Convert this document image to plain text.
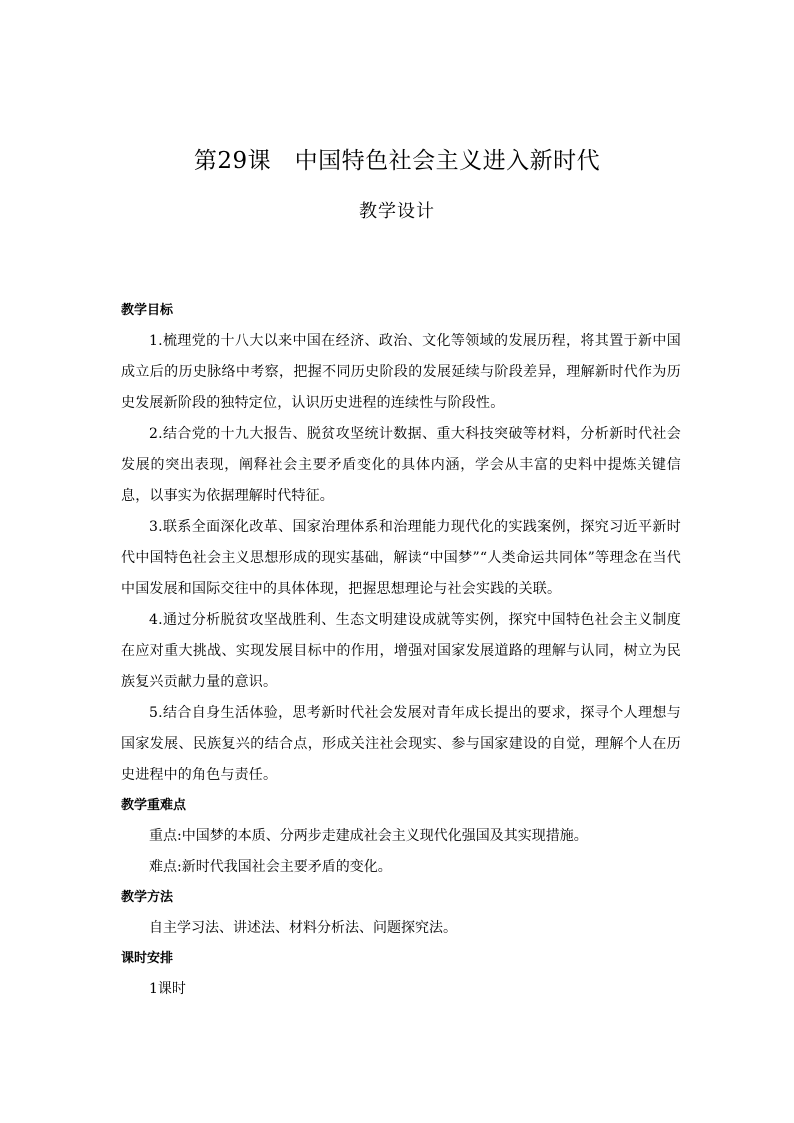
第29课　中国特色社会主义进入新时代
教学设计
教学目标
1.梳理党的十八大以来中国在经济、政治、文化等领域的发展历程，将其置于新中国成立后的历史脉络中考察，把握不同历史阶段的发展延续与阶段差异，理解新时代作为历史发展新阶段的独特定位，认识历史进程的连续性与阶段性。
2.结合党的十九大报告、脱贫攻坚统计数据、重大科技突破等材料，分析新时代社会发展的突出表现，阐释社会主要矛盾变化的具体内涵，学会从丰富的史料中提炼关键信息，以事实为依据理解时代特征。
3.联系全面深化改革、国家治理体系和治理能力现代化的实践案例，探究习近平新时代中国特色社会主义思想形成的现实基础，解读“中国梦”“人类命运共同体”等理念在当代中国发展和国际交往中的具体体现，把握思想理论与社会实践的关联。
4.通过分析脱贫攻坚战胜利、生态文明建设成就等实例，探究中国特色社会主义制度在应对重大挑战、实现发展目标中的作用，增强对国家发展道路的理解与认同，树立为民族复兴贡献力量的意识。
5.结合自身生活体验，思考新时代社会发展对青年成长提出的要求，探寻个人理想与国家发展、民族复兴的结合点，形成关注社会现实、参与国家建设的自觉，理解个人在历史进程中的角色与责任。
教学重难点
重点:中国梦的本质、分两步走建成社会主义现代化强国及其实现措施。
难点:新时代我国社会主要矛盾的变化。
教学方法
自主学习法、讲述法、材料分析法、问题探究法。
课时安排
1课时
